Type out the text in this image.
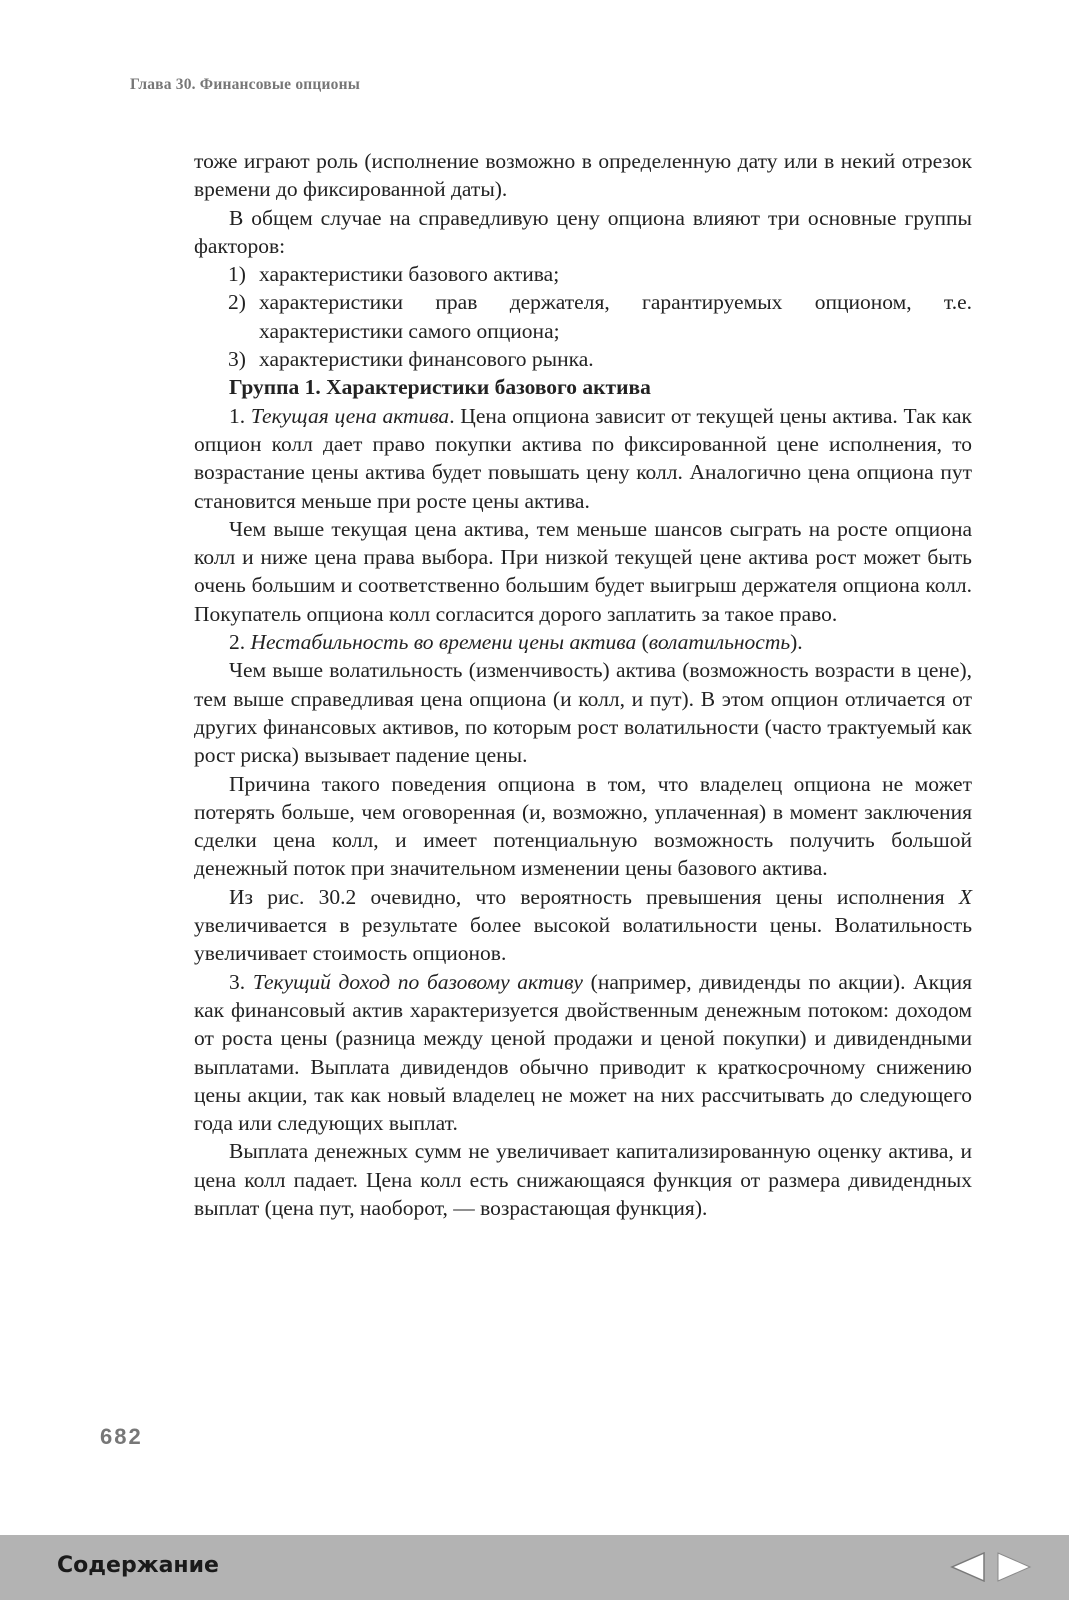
Глава 30. Финансовые опционы

тоже играют роль (исполнение возможно в определенную дату или в некий отрезок времени до фиксированной даты).

В общем случае на справедливую цену опциона влияют три основные группы факторов:

1) характеристики базового актива;
2) характеристики прав держателя, гарантируемых опционом, т.е. характеристики самого опциона;
3) характеристики финансового рынка.
Группа 1. Характеристики базового актива

1. Текущая цена актива. Цена опциона зависит от текущей цены актива. Так как опцион колл дает право покупки актива по фиксированной цене исполнения, то возрастание цены актива будет повышать цену колл. Аналогично цена опциона пут становится меньше при росте цены актива.

Чем выше текущая цена актива, тем меньше шансов сыграть на росте опциона колл и ниже цена права выбора. При низкой текущей цене актива рост может быть очень большим и соответственно большим будет выигрыш держателя опциона колл. Покупатель опциона колл согласится дорого заплатить за такое право.

2. Нестабильность во времени цены актива (волатильность).

Чем выше волатильность (изменчивость) актива (возможность возрасти в цене), тем выше справедливая цена опциона (и колл, и пут). В этом опцион отличается от других финансовых активов, по которым рост волатильности (часто трактуемый как рост риска) вызывает падение цены.

Причина такого поведения опциона в том, что владелец опциона не может потерять больше, чем оговоренная (и, возможно, уплаченная) в момент заключения сделки цена колл, и имеет потенциальную возможность получить большой денежный поток при значительном изменении цены базового актива.

Из рис. 30.2 очевидно, что вероятность превышения цены исполнения X увеличивается в результате более высокой волатильности цены. Волатильность увеличивает стоимость опционов.

3. Текущий доход по базовому активу (например, дивиденды по акции). Акция как финансовый актив характеризуется двойственным денежным потоком: доходом от роста цены (разница между ценой продажи и ценой покупки) и дивидендными выплатами. Выплата дивидендов обычно приводит к краткосрочному снижению цены акции, так как новый владелец не может на них рассчитывать до следующего года или следующих выплат.

Выплата денежных сумм не увеличивает капитализированную оценку актива, и цена колл падает. Цена колл есть снижающаяся функция от размера дивидендных выплат (цена пут, наоборот, — возрастающая функция).

682
Содержание
